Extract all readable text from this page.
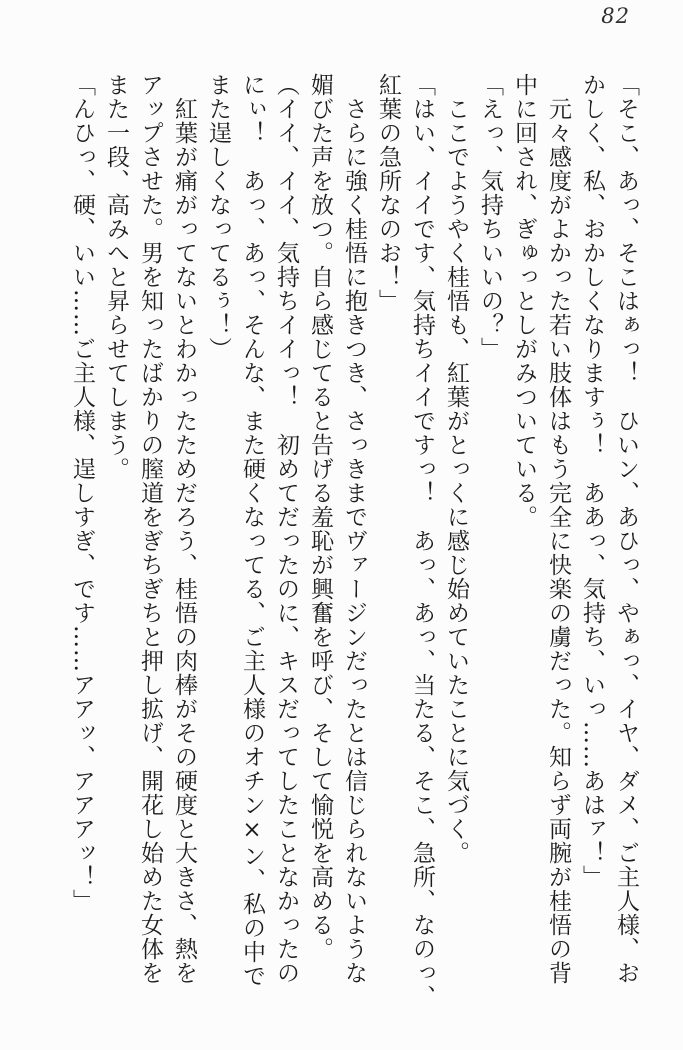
82
「そこ、あっ、そこはぁっ！　ひいン、あひっ、やぁっ、イヤ、ダメ、ご主人様、お
かしく、私、おかしくなりますぅ！　ああっ、気持ち、いっ……あはァ！」
　元々感度がよかった若い肢体はもう完全に快楽の虜だった。知らず両腕が桂悟の背
中に回され、ぎゅっとしがみついている。
「えっ、気持ちいいの？」
　ここでようやく桂悟も、紅葉がとっくに感じ始めていたことに気づく。
「はい、イイです、気持ちイイですっ！　あっ、あっ、当たる、そこ、急所、なのっ、
紅葉の急所なのお！」
　さらに強く桂悟に抱きつき、さっきまでヴァージンだったとは信じられないような
媚びた声を放つ。自ら感じてると告げる羞恥が興奮を呼び、そして愉悦を高める。
（イイ、イイ、気持ちイイっ！　初めてだったのに、キスだってしたことなかったの
にぃ！　あっ、あっ、そんな、また硬くなってる、ご主人様のオチン×ン、私の中で
また逞しくなってるぅ！）
　紅葉が痛がってないとわかったためだろう、桂悟の肉棒がその硬度と大きさ、熱を
アップさせた。男を知ったばかりの膣道をぎちぎちと押し拡げ、開花し始めた女体を
また一段、高みへと昇らせてしまう。
「んひっ、硬、いい……ご主人様、逞しすぎ、です……アアッ、アアアッ！」
